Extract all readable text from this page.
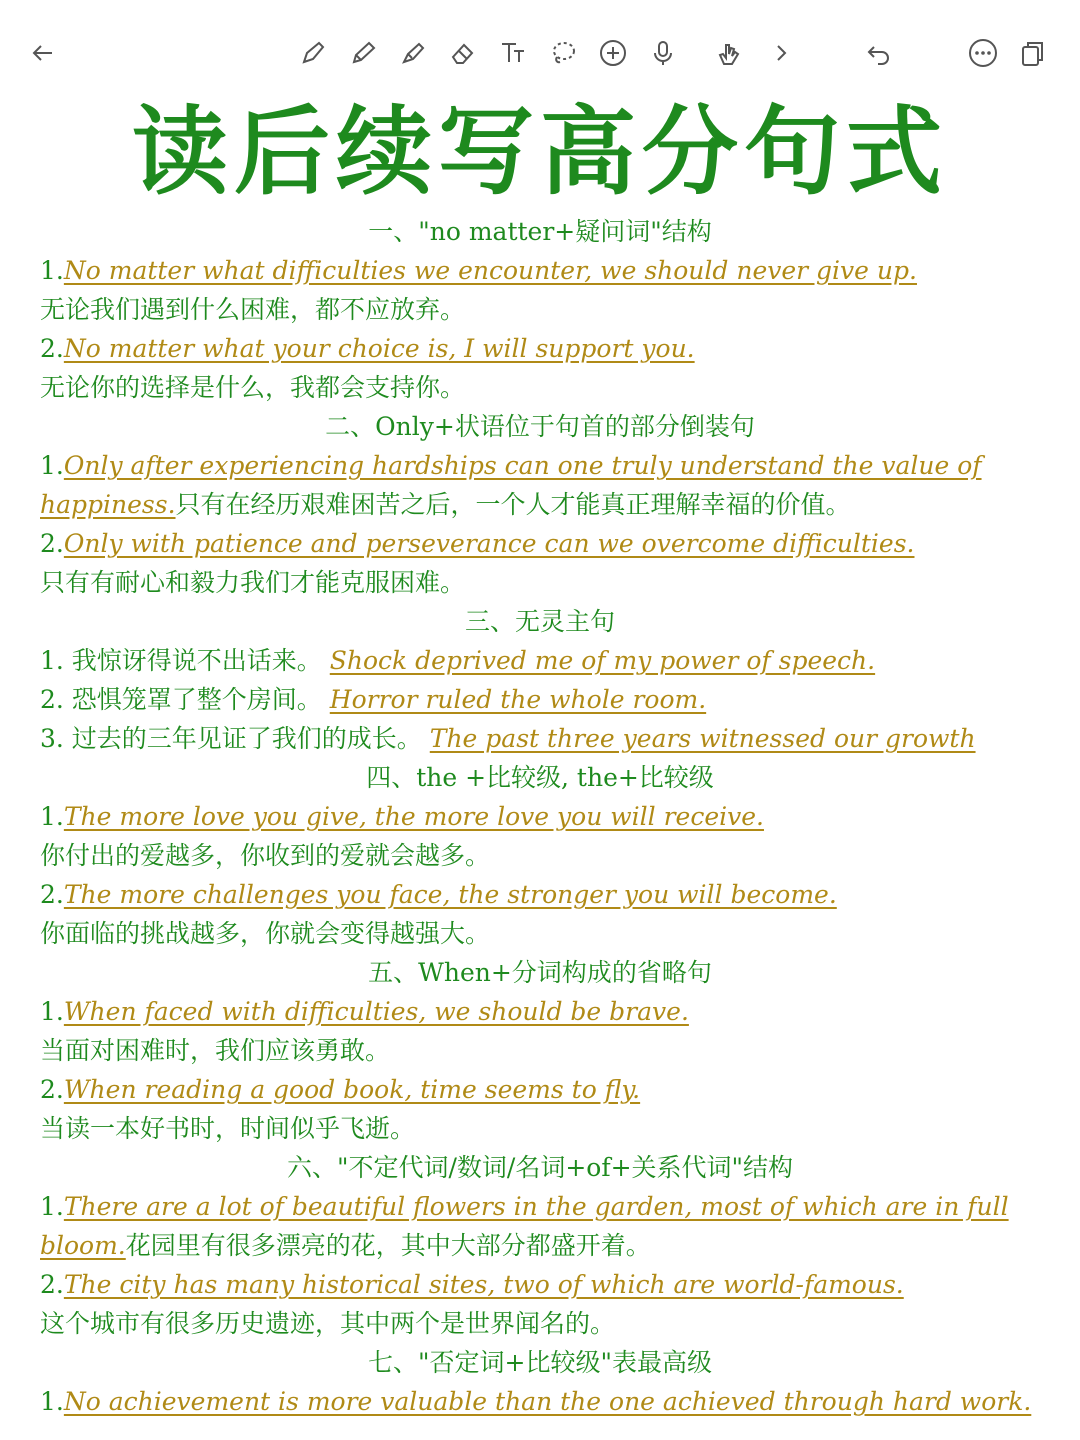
读后续写高分句式
一、"no matter+疑问词"结构
1.No matter what difficulties we encounter, we should never give up.
无论我们遇到什么困难，都不应放弃。
2.No matter what your choice is, I will support you.
无论你的选择是什么，我都会支持你。
二、Only+状语位于句首的部分倒装句
1.Only after experiencing hardships can one truly understand the value of
happiness.只有在经历艰难困苦之后，一个人才能真正理解幸福的价值。
2.Only with patience and perseverance can we overcome difficulties.
只有有耐心和毅力我们才能克服困难。
三、无灵主句
1. 我惊讶得说不出话来。 Shock deprived me of my power of speech.
2. 恐惧笼罩了整个房间。 Horror ruled the whole room.
3. 过去的三年见证了我们的成长。 The past three years witnessed our growth
四、the +比较级, the+比较级
1.The more love you give, the more love you will receive.
你付出的爱越多，你收到的爱就会越多。
2.The more challenges you face, the stronger you will become.
你面临的挑战越多，你就会变得越强大。
五、When+分词构成的省略句
1.When faced with difficulties, we should be brave.
当面对困难时，我们应该勇敢。
2.When reading a good book, time seems to fly.
当读一本好书时，时间似乎飞逝。
六、"不定代词/数词/名词+of+关系代词"结构
1.There are a lot of beautiful flowers in the garden, most of which are in full
bloom.花园里有很多漂亮的花，其中大部分都盛开着。
2.The city has many historical sites, two of which are world-famous.
这个城市有很多历史遗迹，其中两个是世界闻名的。
七、"否定词+比较级"表最高级
1.No achievement is more valuable than the one achieved through hard work.
